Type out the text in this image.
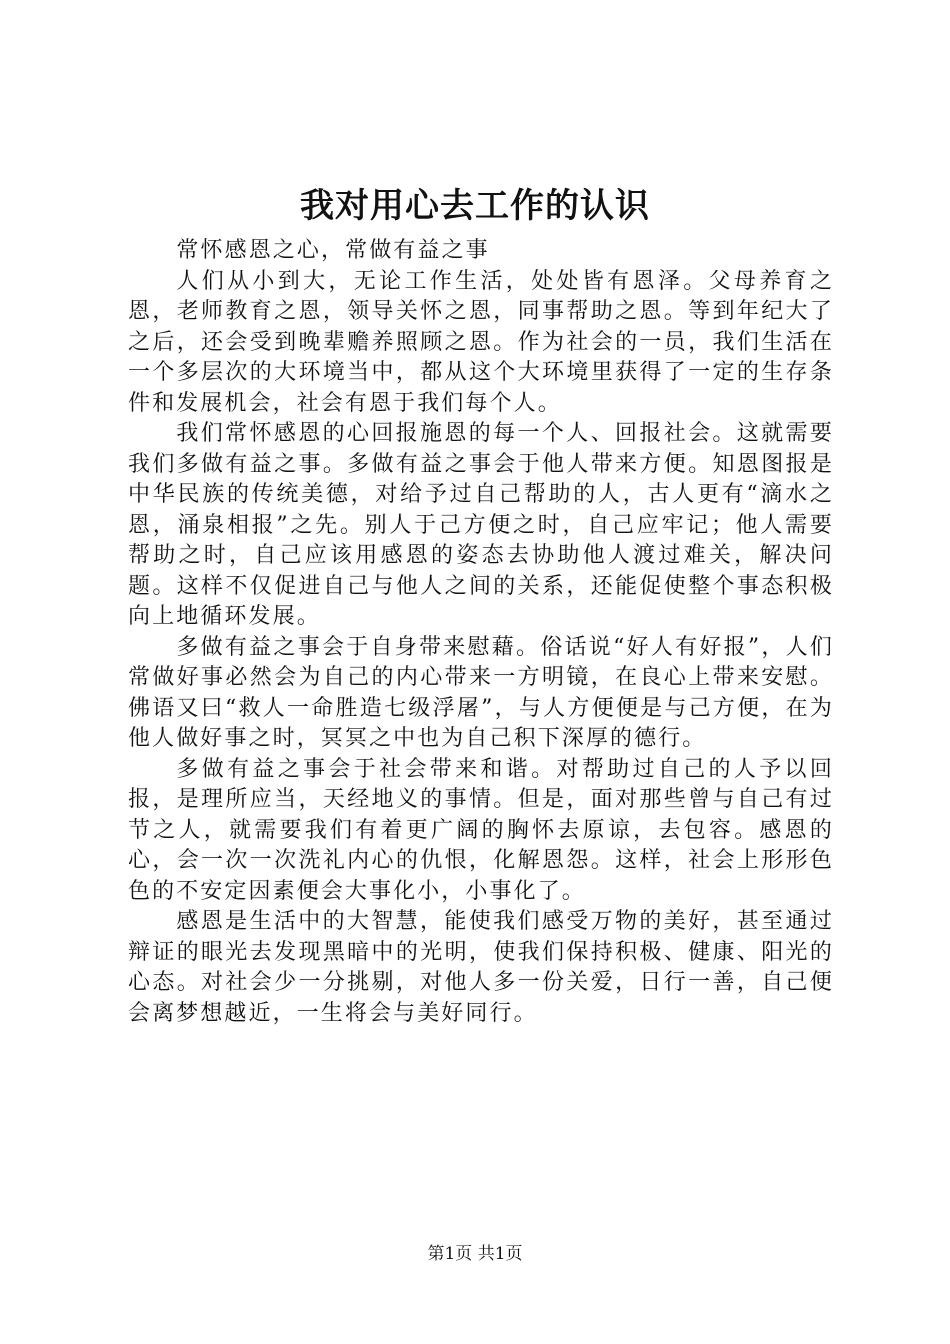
我对用心去工作的认识

常怀感恩之心，常做有益之事

人们从小到大，无论工作生活，处处皆有恩泽。父母养育之恩，老师教育之恩，领导关怀之恩，同事帮助之恩。等到年纪大了之后，还会受到晚辈赡养照顾之恩。作为社会的一员，我们生活在一个多层次的大环境当中，都从这个大环境里获得了一定的生存条件和发展机会，社会有恩于我们每个人。

我们常怀感恩的心回报施恩的每一个人、回报社会。这就需要我们多做有益之事。多做有益之事会于他人带来方便。知恩图报是中华民族的传统美德，对给予过自己帮助的人，古人更有“滴水之恩，涌泉相报”之先。别人于己方便之时，自己应牢记；他人需要帮助之时，自己应该用感恩的姿态去协助他人渡过难关，解决问题。这样不仅促进自己与他人之间的关系，还能促使整个事态积极向上地循环发展。

多做有益之事会于自身带来慰藉。俗话说“好人有好报”，人们常做好事必然会为自己的内心带来一方明镜，在良心上带来安慰。佛语又曰“救人一命胜造七级浮屠”，与人方便便是与己方便，在为他人做好事之时，冥冥之中也为自己积下深厚的德行。

多做有益之事会于社会带来和谐。对帮助过自己的人予以回报，是理所应当，天经地义的事情。但是，面对那些曾与自己有过节之人，就需要我们有着更广阔的胸怀去原谅，去包容。感恩的心，会一次一次洗礼内心的仇恨，化解恩怨。这样，社会上形形色色的不安定因素便会大事化小，小事化了。

感恩是生活中的大智慧，能使我们感受万物的美好，甚至通过辩证的眼光去发现黑暗中的光明，使我们保持积极、健康、阳光的心态。对社会少一分挑剔，对他人多一份关爱，日行一善，自己便会离梦想越近，一生将会与美好同行。

第1页 共1页
